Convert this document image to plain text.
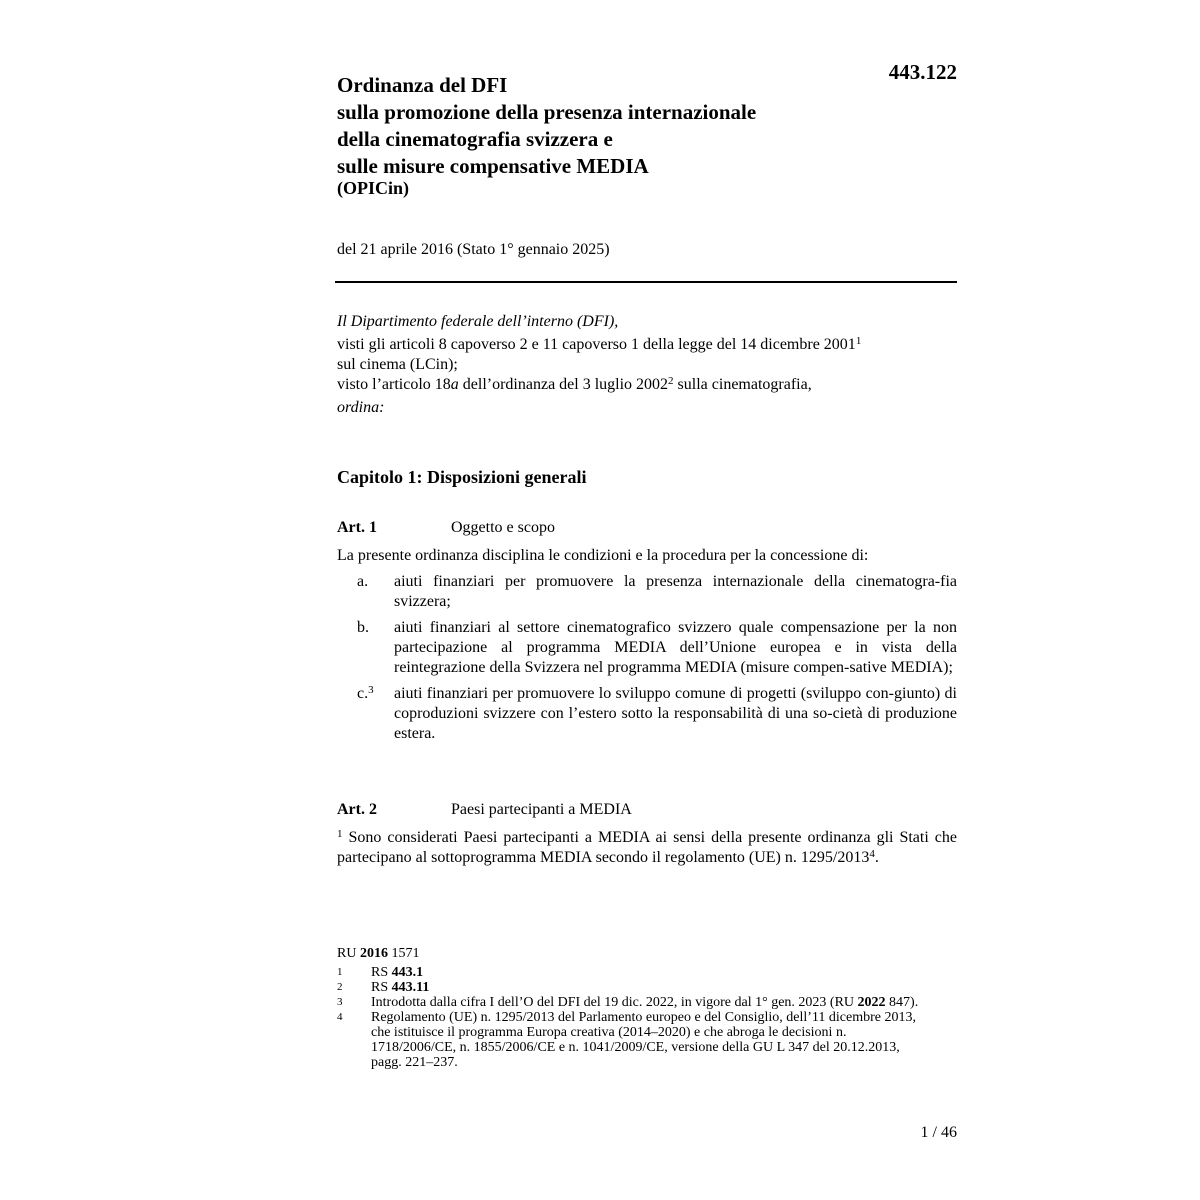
443.122
Ordinanza del DFI
sulla promozione della presenza internazionale
della cinematografia svizzera e
sulle misure compensative MEDIA
(OPICin)
del 21 aprile 2016 (Stato 1° gennaio 2025)

Il Dipartimento federale dell’interno (DFI),

visti gli articoli 8 capoverso 2 e 11 capoverso 1 della legge del 14 dicembre 2001$^1$
sul cinema (LCin);
visto l’articolo 18a dell’ordinanza del 3 luglio 2002$^2$ sulla cinematografia,

ordina:

Capitolo 1: Disposizioni generali
Art. 1	Oggetto e scopo
La presente ordinanza disciplina le condizioni e la procedura per la concessione di:
a.	aiuti finanziari per promuovere la presenza internazionale della cinematogra-fia svizzera;
b.	aiuti finanziari al settore cinematografico svizzero quale compensazione per la non partecipazione al programma MEDIA dell’Unione europea e in vista della reintegrazione della Svizzera nel programma MEDIA (misure compen-sative MEDIA);
c.$^3$	aiuti finanziari per promuovere lo sviluppo comune di progetti (sviluppo con-giunto) di coproduzioni svizzere con l’estero sotto la responsabilità di una so-cietà di produzione estera.
Art. 2	Paesi partecipanti a MEDIA
$^1$ Sono considerati Paesi partecipanti a MEDIA ai sensi della presente ordinanza gli Stati che partecipano al sottoprogramma MEDIA secondo il regolamento (UE) n. 1295/2013$^4$.
RU 2016 1571
1	RS 443.1
2	RS 443.11
3	Introdotta dalla cifra I dell’O del DFI del 19 dic. 2022, in vigore dal 1° gen. 2023 (RU 2022 847).
4	Regolamento (UE) n. 1295/2013 del Parlamento europeo e del Consiglio, dell’11 dicembre 2013, che istituisce il programma Europa creativa (2014–2020) e che abroga le decisioni n. 1718/2006/CE, n. 1855/2006/CE e n. 1041/2009/CE, versione della GU L 347 del 20.12.2013, pagg. 221–237.
1 / 46
